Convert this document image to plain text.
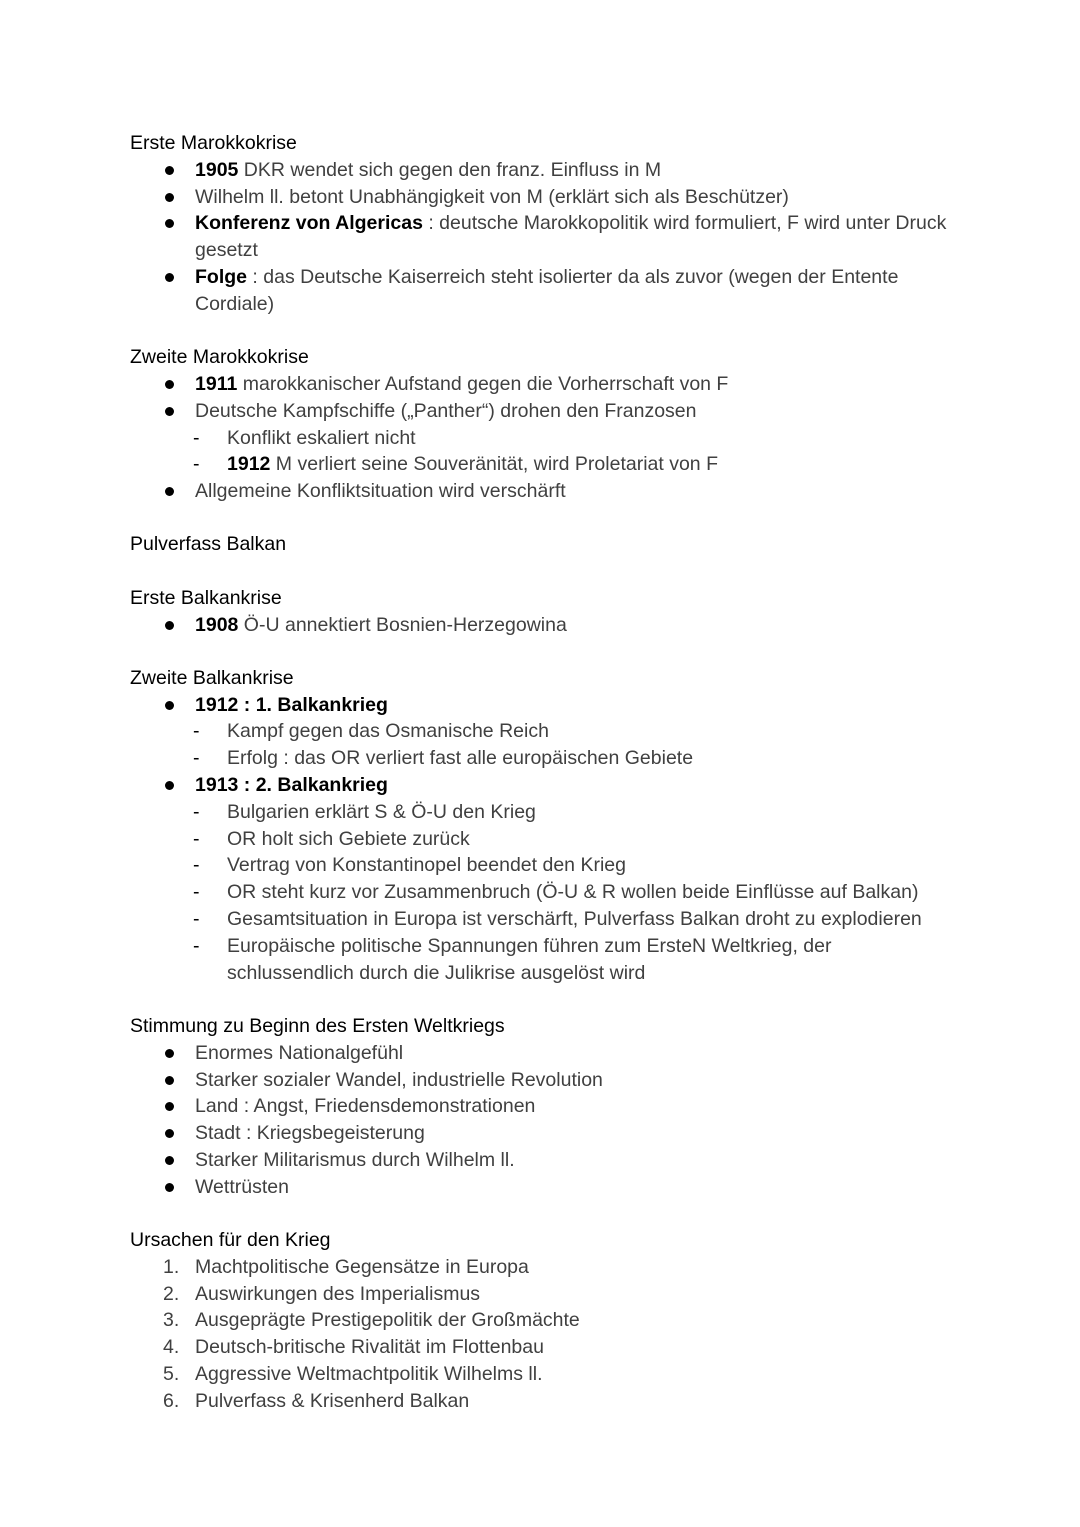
Erste Marokkokrise
1905 DKR wendet sich gegen den franz. Einfluss in M
Wilhelm ll. betont Unabhängigkeit von M (erklärt sich als Beschützer)
Konferenz von Algericas : deutsche Marokkopolitik wird formuliert, F wird unter Druck
gesetzt
Folge : das Deutsche Kaiserreich steht isolierter da als zuvor (wegen der Entente
Cordiale)
Zweite Marokkokrise
1911 marokkanischer Aufstand gegen die Vorherrschaft von F
Deutsche Kampfschiffe („Panther“) drohen den Franzosen
- Konflikt eskaliert nicht
- 1912 M verliert seine Souveränität, wird Proletariat von F
Allgemeine Konfliktsituation wird verschärft
Pulverfass Balkan
Erste Balkankrise
1908 Ö-U annektiert Bosnien-Herzegowina
Zweite Balkankrise
1912 : 1. Balkankrieg
- Kampf gegen das Osmanische Reich
- Erfolg : das OR verliert fast alle europäischen Gebiete
1913 : 2. Balkankrieg
- Bulgarien erklärt S & Ö-U den Krieg
- OR holt sich Gebiete zurück
- Vertrag von Konstantinopel beendet den Krieg
- OR steht kurz vor Zusammenbruch (Ö-U & R wollen beide Einflüsse auf Balkan)
- Gesamtsituation in Europa ist verschärft, Pulverfass Balkan droht zu explodieren
- Europäische politische Spannungen führen zum ErsteN Weltkrieg, der
schlussendlich durch die Julikrise ausgelöst wird
Stimmung zu Beginn des Ersten Weltkriegs
Enormes Nationalgefühl
Starker sozialer Wandel, industrielle Revolution
Land : Angst, Friedensdemonstrationen
Stadt : Kriegsbegeisterung
Starker Militarismus durch Wilhelm ll.
Wettrüsten
Ursachen für den Krieg
1. Machtpolitische Gegensätze in Europa
2. Auswirkungen des Imperialismus
3. Ausgeprägte Prestigepolitik der Großmächte
4. Deutsch-britische Rivalität im Flottenbau
5. Aggressive Weltmachtpolitik Wilhelms ll.
6. Pulverfass & Krisenherd Balkan
